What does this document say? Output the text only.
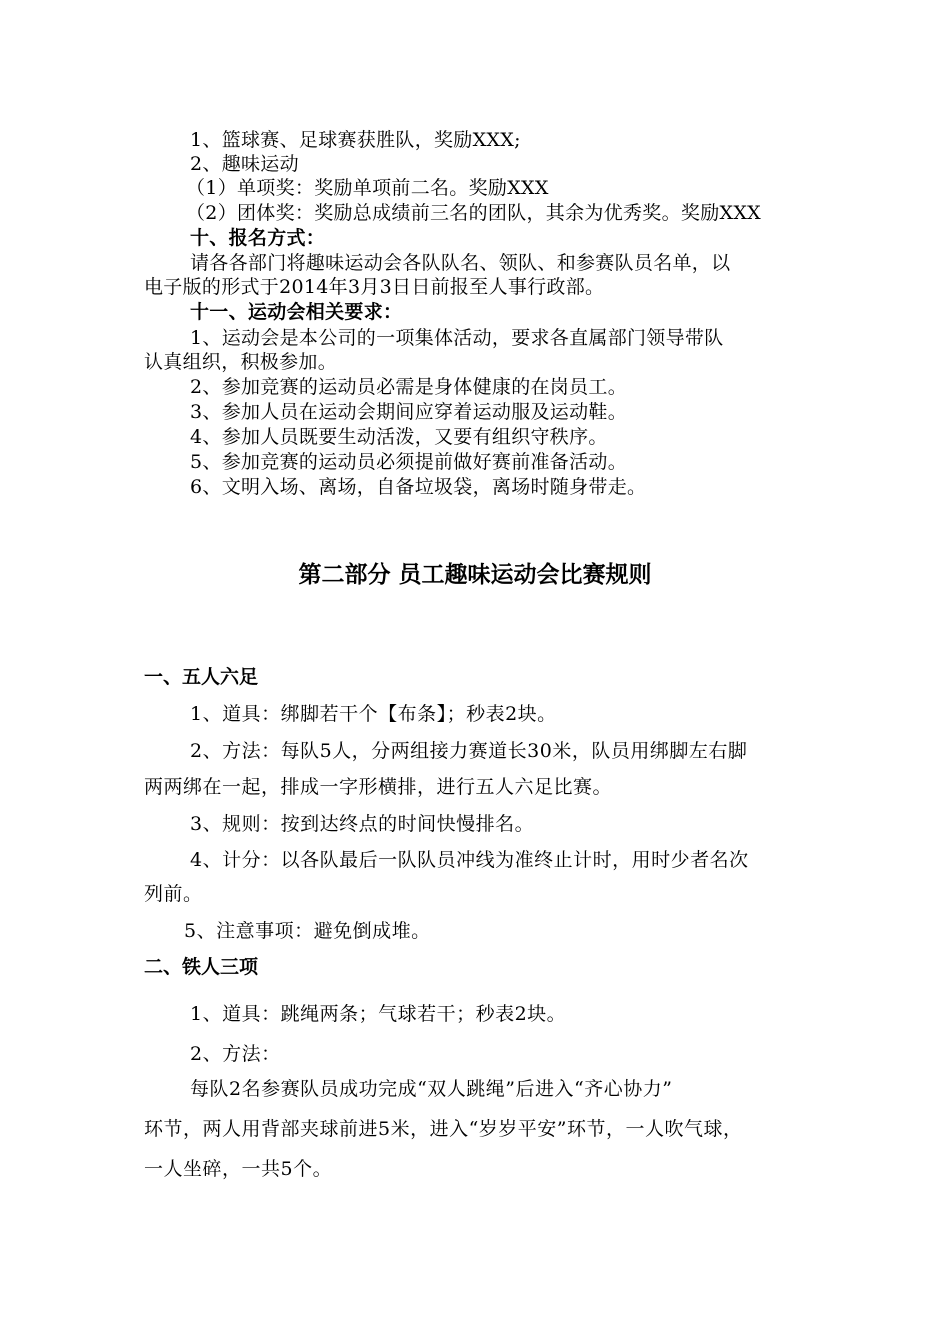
1、篮球赛、足球赛获胜队，奖励XXX;
2、趣味运动
（1）单项奖：奖励单项前二名。奖励XXX
（2）团体奖：奖励总成绩前三名的团队，其余为优秀奖。奖励XXX
十、报名方式：
请各各部门将趣味运动会各队队名、领队、和参赛队员名单，以
电子版的形式于2014年3月3日日前报至人事行政部。
十一、运动会相关要求：
1、运动会是本公司的一项集体活动，要求各直属部门领导带队
认真组织，积极参加。
2、参加竞赛的运动员必需是身体健康的在岗员工。
3、参加人员在运动会期间应穿着运动服及运动鞋。
4、参加人员既要生动活泼，又要有组织守秩序。
5、参加竞赛的运动员必须提前做好赛前准备活动。
6、文明入场、离场，自备垃圾袋，离场时随身带走。
第二部分 员工趣味运动会比赛规则
一、五人六足
1、道具：绑脚若干个【布条】；秒表2块。
2、方法：每队5人，分两组接力赛道长30米，队员用绑脚左右脚
两两绑在一起，排成一字形横排，进行五人六足比赛。
3、规则：按到达终点的时间快慢排名。
4、计分：以各队最后一队队员冲线为准终止计时，用时少者名次
列前。
5、注意事项：避免倒成堆。
二、铁人三项
1、道具：跳绳两条；气球若干；秒表2块。
2、方法：
每队2名参赛队员成功完成“双人跳绳”后进入“齐心协力”
环节，两人用背部夹球前进5米，进入“岁岁平安”环节，一人吹气球，
一人坐碎，一共5个。
